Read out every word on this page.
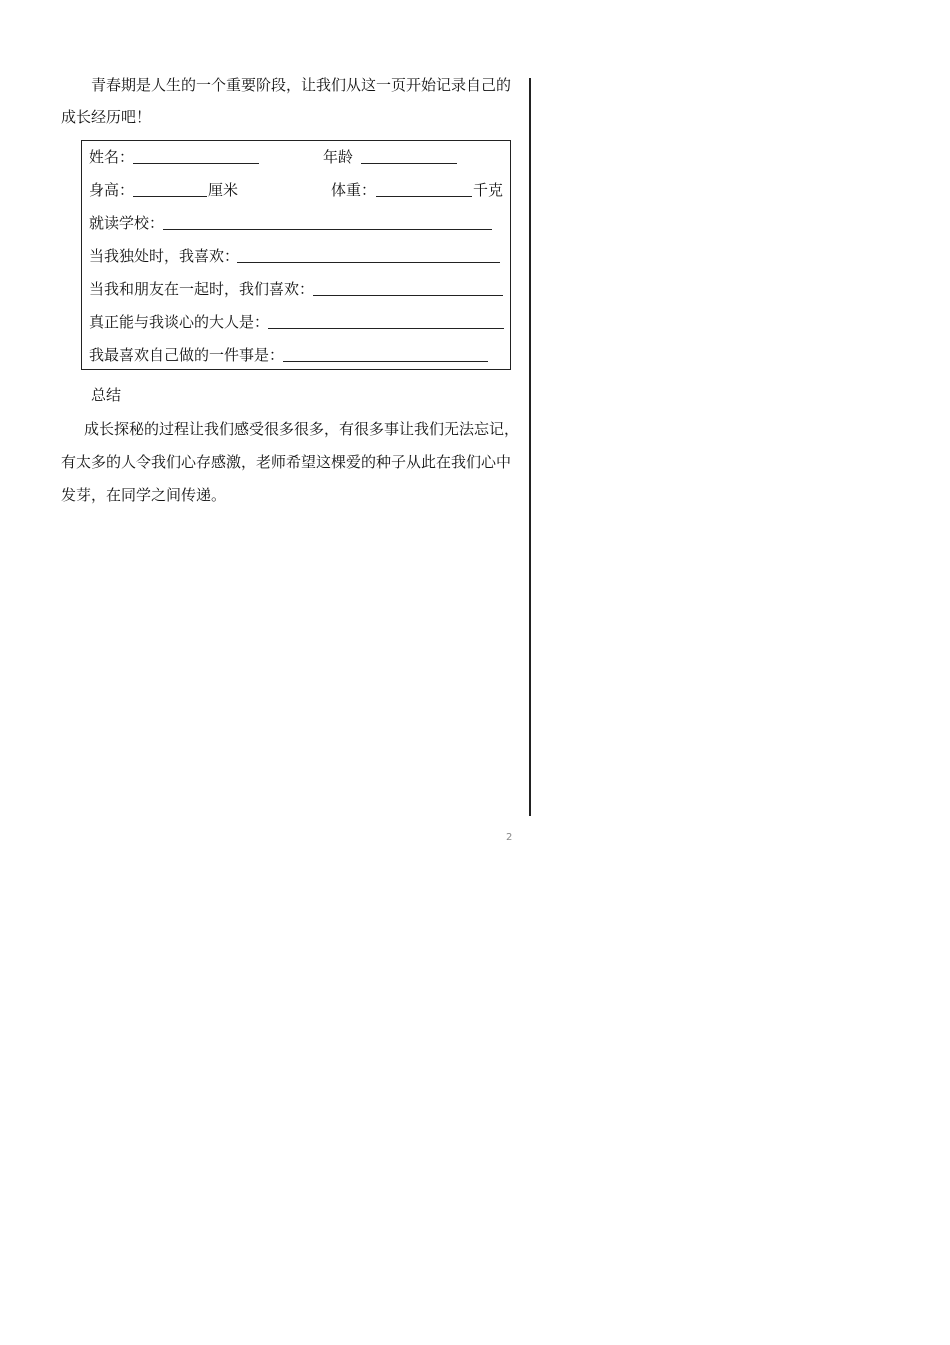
青春期是人生的一个重要阶段，让我们从这一页开始记录自己的
成长经历吧！
姓名：	年龄
身高：	厘米	体重：	千克
就读学校：
当我独处时，我喜欢：
当我和朋友在一起时，我们喜欢：
真正能与我谈心的大人是：
我最喜欢自己做的一件事是：
总结
成长探秘的过程让我们感受很多很多，有很多事让我们无法忘记，
有太多的人令我们心存感激，老师希望这棵爱的种子从此在我们心中
发芽，在同学之间传递。
2
